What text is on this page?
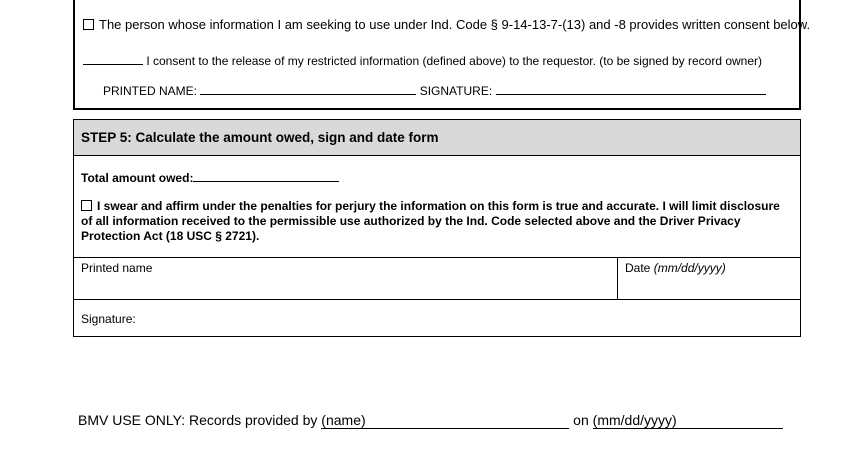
The person whose information I am seeking to use under Ind. Code § 9-14-13-7-(13) and -8 provides written consent below.
I consent to the release of my restricted information (defined above) to the requestor. (to be signed by record owner)
PRINTED NAME:	SIGNATURE:
STEP 5: Calculate the amount owed, sign and date form
Total amount owed:
I swear and affirm under the penalties for perjury the information on this form is true and accurate. I will limit disclosure of all information received to the permissible use authorized by the Ind. Code selected above and the Driver Privacy Protection Act (18 USC § 2721).
Printed name	Date (mm/dd/yyyy)
Signature:
BMV USE ONLY: Records provided by (name)	on (mm/dd/yyyy)
